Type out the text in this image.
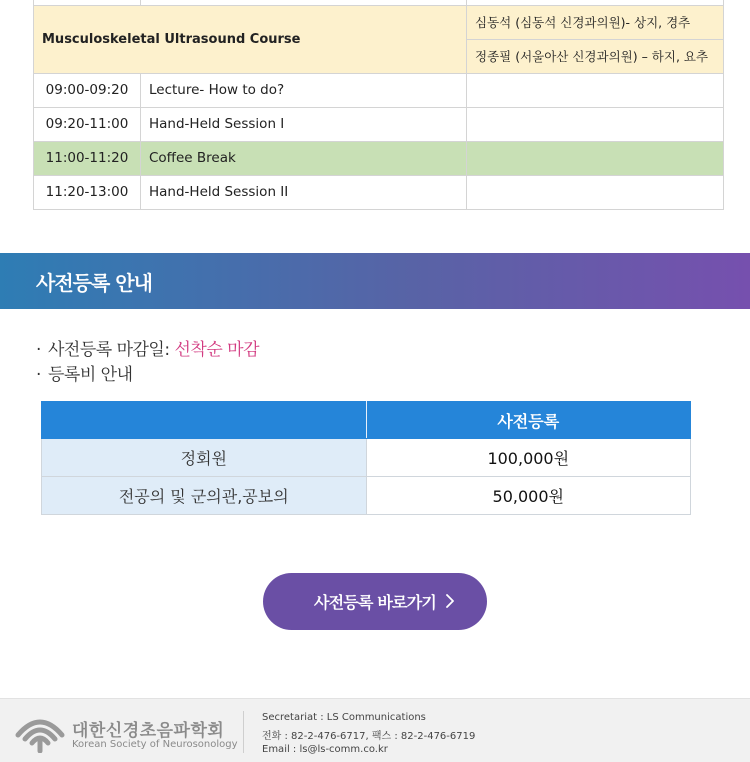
Musculoskeletal Ultrasound Course		심동석 (심동석 신경과의원)- 상지, 경추
		정종필 (서울아산 신경과의원) – 하지, 요추
09:00-09:20	Lecture- How to do?	
09:20-11:00	Hand-Held Session I	
11:00-11:20	Coffee Break	
11:20-13:00	Hand-Held Session II	
사전등록 안내
· 사전등록 마감일: 선착순 마감
· 등록비 안내
	사전등록
정회원	100,000원
전공의 및 군의관,공보의	50,000원
사전등록 바로가기
대한신경초음파학회
Korean Society of Neurosonology
Secretariat : LS Communications
전화 : 82-2-476-6717, 팩스 : 82-2-476-6719
Email : ls@ls-comm.co.kr
